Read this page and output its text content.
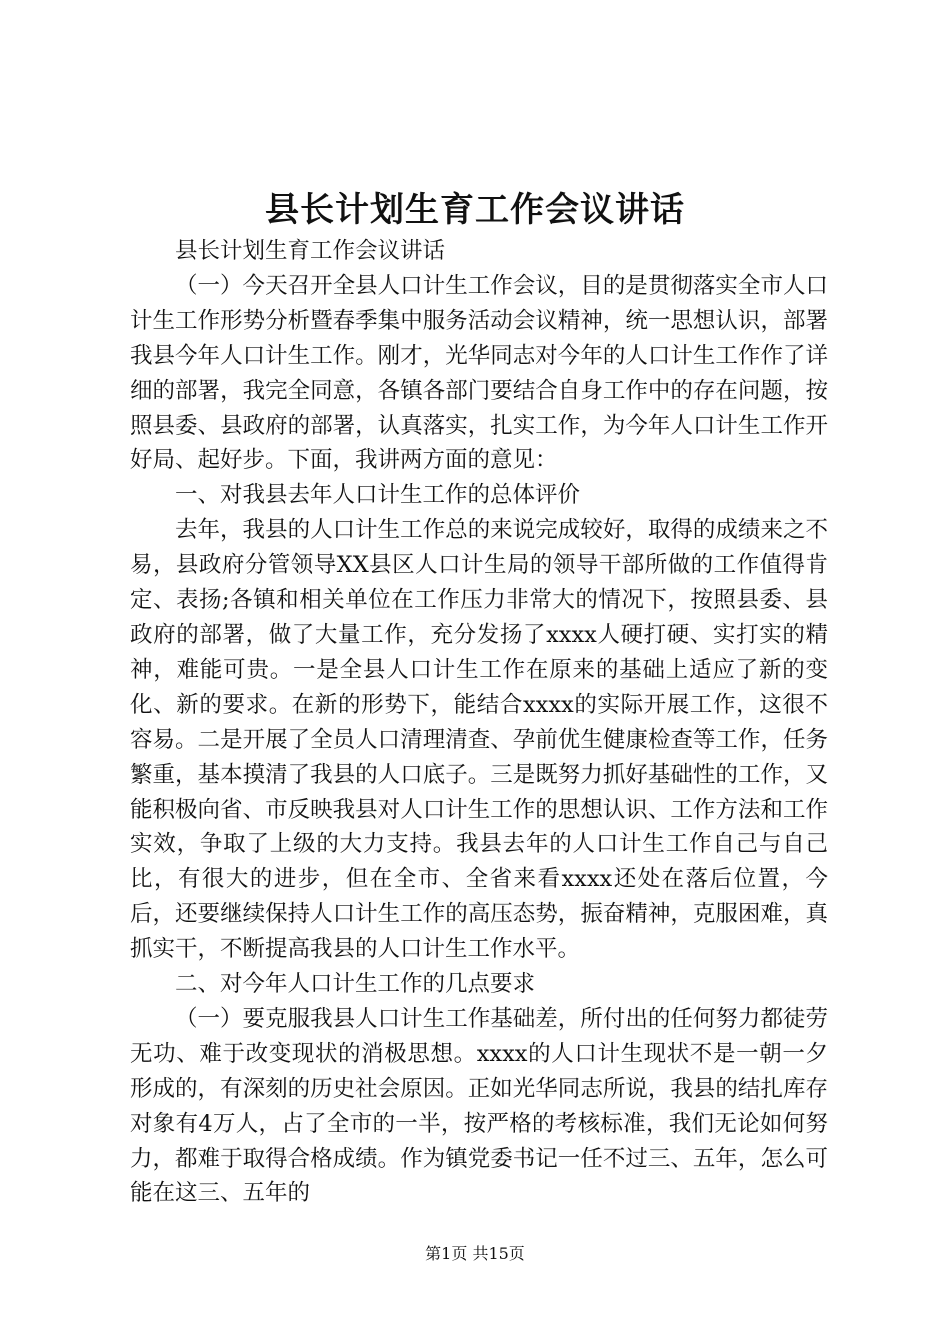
县长计划生育工作会议讲话

县长计划生育工作会议讲话

（一）今天召开全县人口计生工作会议，目的是贯彻落实全市人口计生工作形势分析暨春季集中服务活动会议精神，统一思想认识，部署我县今年人口计生工作。刚才，光华同志对今年的人口计生工作作了详细的部署，我完全同意，各镇各部门要结合自身工作中的存在问题，按照县委、县政府的部署，认真落实，扎实工作，为今年人口计生工作开好局、起好步。下面，我讲两方面的意见：

一、对我县去年人口计生工作的总体评价

去年，我县的人口计生工作总的来说完成较好，取得的成绩来之不易，县政府分管领导XX县区人口计生局的领导干部所做的工作值得肯定、表扬;各镇和相关单位在工作压力非常大的情况下，按照县委、县政府的部署，做了大量工作，充分发扬了xxxx人硬打硬、实打实的精神，难能可贵。一是全县人口计生工作在原来的基础上适应了新的变化、新的要求。在新的形势下，能结合xxxx的实际开展工作，这很不容易。二是开展了全员人口清理清查、孕前优生健康检查等工作，任务繁重，基本摸清了我县的人口底子。三是既努力抓好基础性的工作，又能积极向省、市反映我县对人口计生工作的思想认识、工作方法和工作实效，争取了上级的大力支持。我县去年的人口计生工作自己与自己比，有很大的进步，但在全市、全省来看xxxx还处在落后位置，今后，还要继续保持人口计生工作的高压态势，振奋精神，克服困难，真抓实干，不断提高我县的人口计生工作水平。

二、对今年人口计生工作的几点要求

（一）要克服我县人口计生工作基础差，所付出的任何努力都徒劳无功、难于改变现状的消极思想。xxxx的人口计生现状不是一朝一夕形成的，有深刻的历史社会原因。正如光华同志所说，我县的结扎库存对象有4万人，占了全市的一半，按严格的考核标准，我们无论如何努力，都难于取得合格成绩。作为镇党委书记一任不过三、五年，怎么可能在这三、五年的

第1页 共15页
